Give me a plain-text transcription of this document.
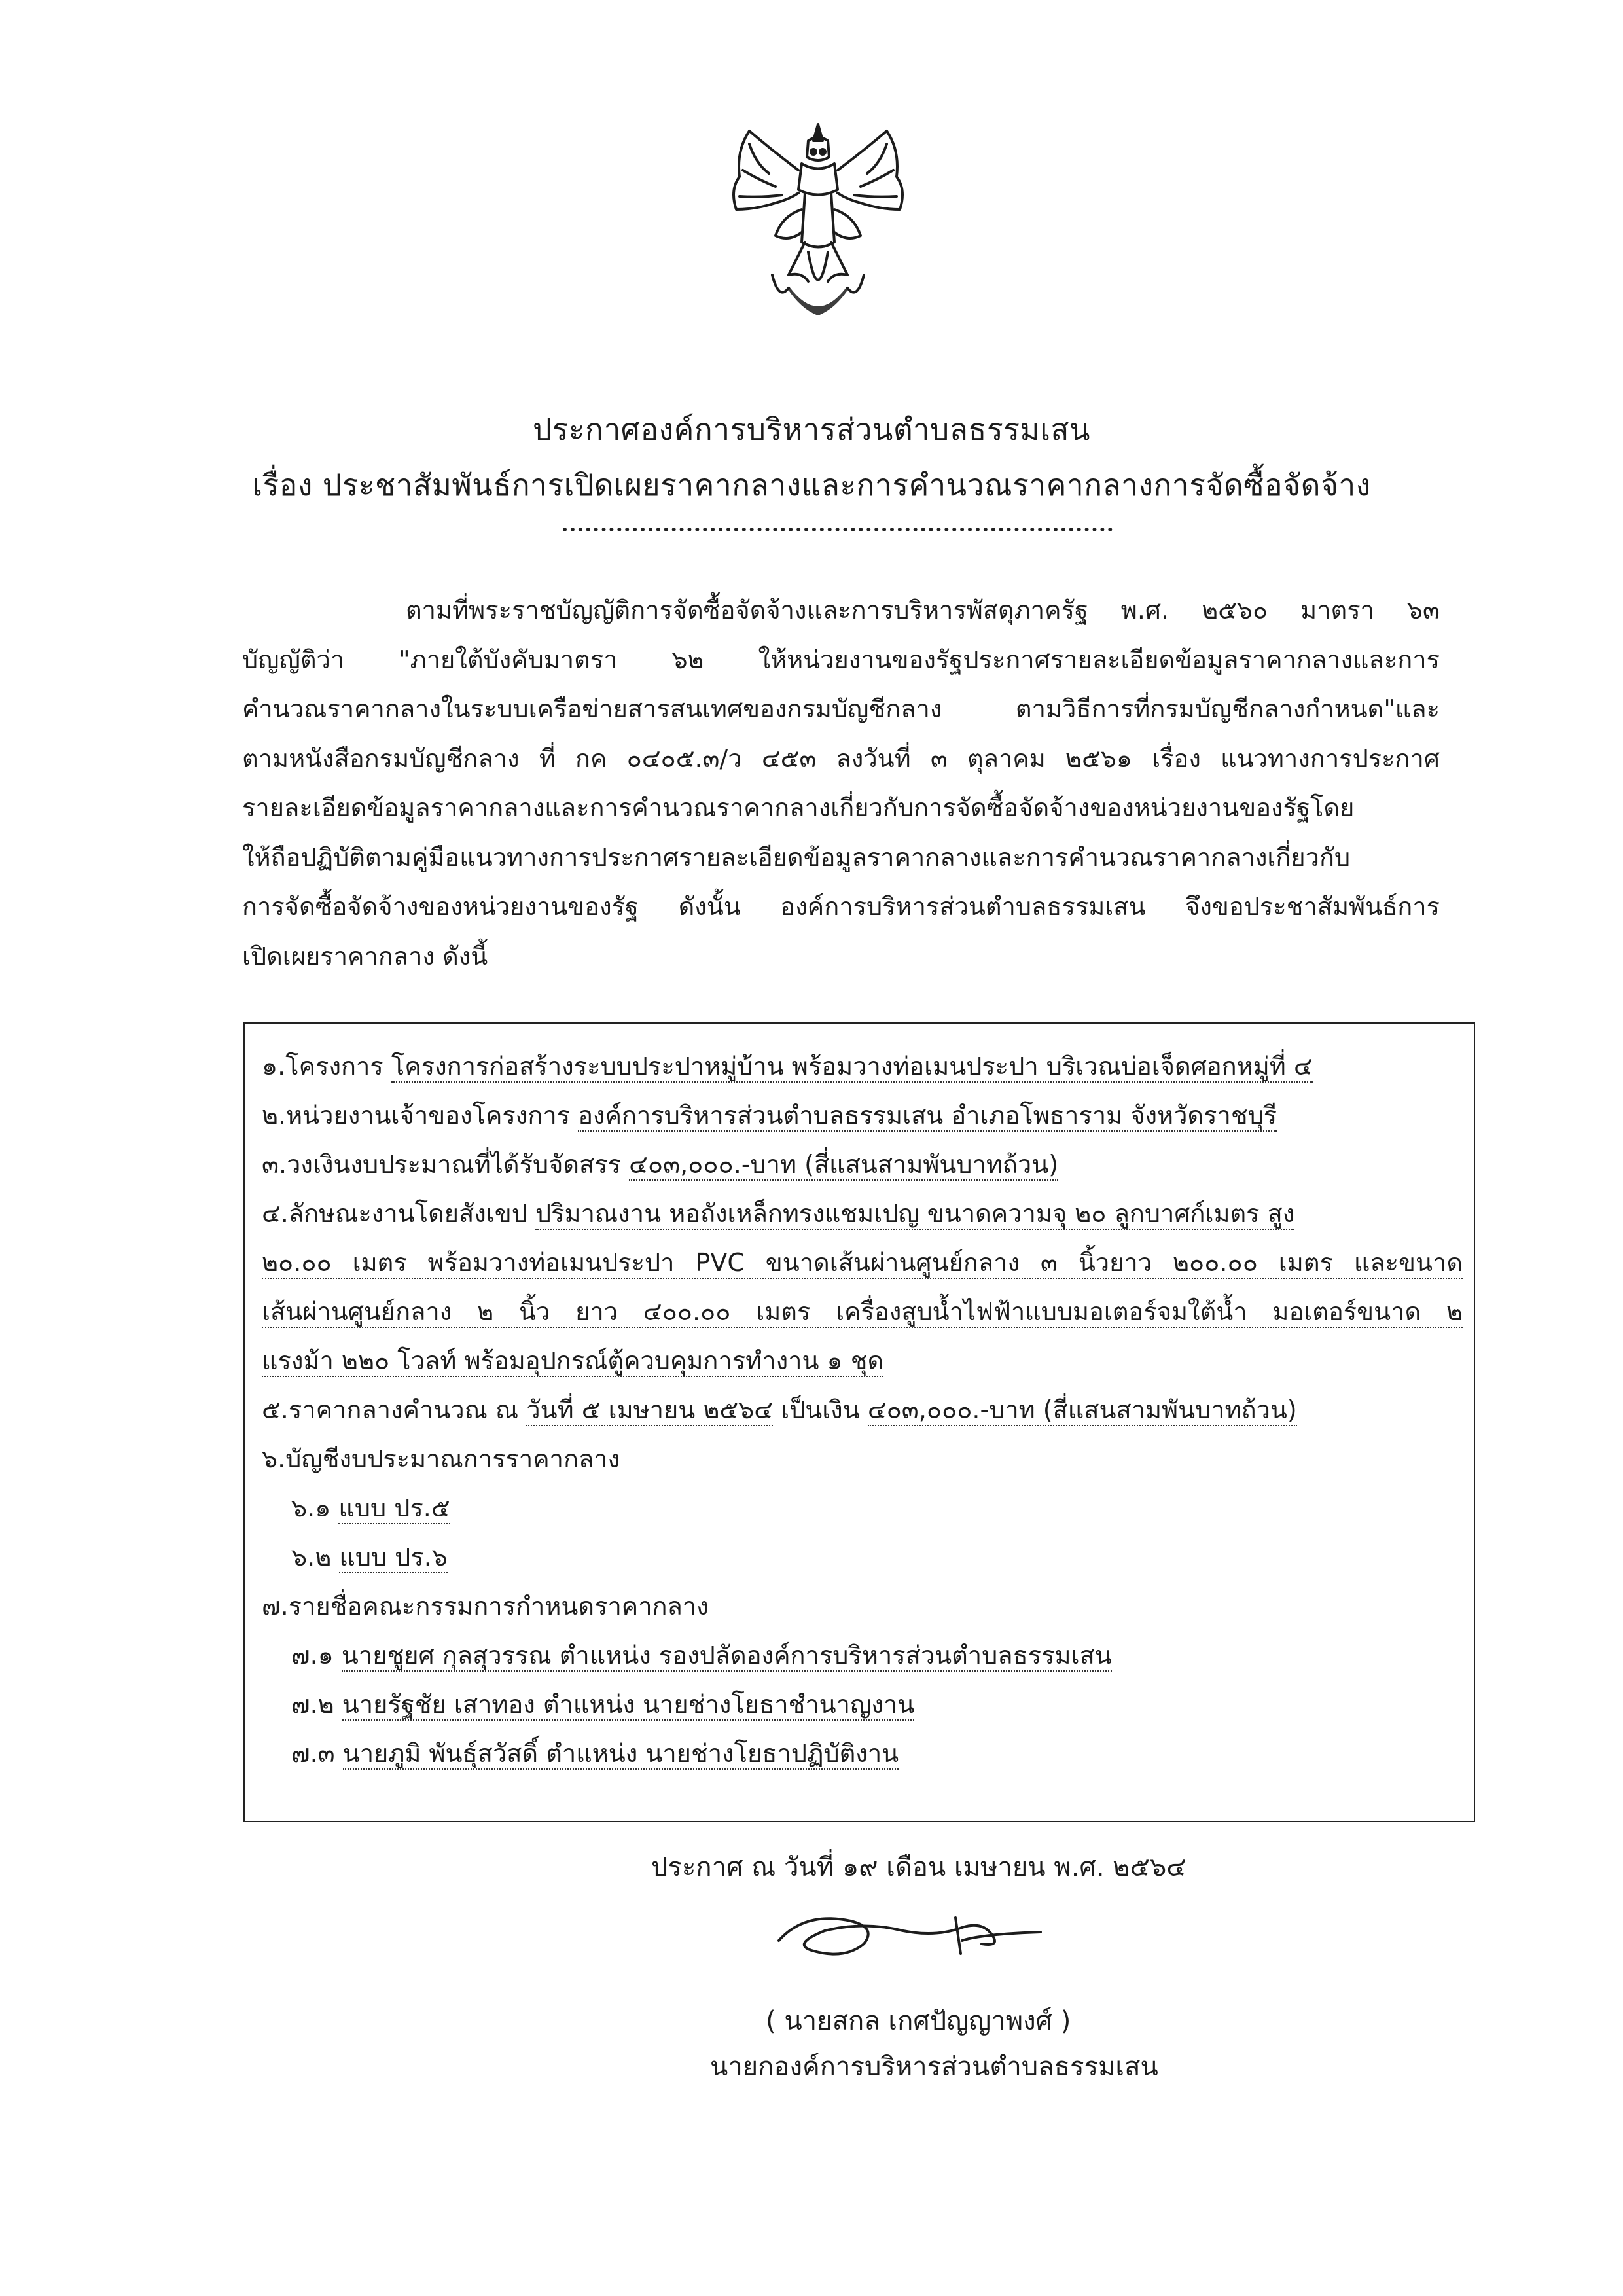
ประกาศองค์การบริหารส่วนตำบลธรรมเสน
เรื่อง ประชาสัมพันธ์การเปิดเผยราคากลางและการคำนวณราคากลางการจัดซื้อจัดจ้าง
ตามที่พระราชบัญญัติการจัดซื้อจัดจ้างและการบริหารพัสดุภาครัฐ พ.ศ. ๒๕๖๐ มาตรา ๖๓
บัญญัติว่า "ภายใต้บังคับมาตรา ๖๒ ให้หน่วยงานของรัฐประกาศรายละเอียดข้อมูลราคากลางและการ
คำนวณราคากลางในระบบเครือข่ายสารสนเทศของกรมบัญชีกลาง ตามวิธีการที่กรมบัญชีกลางกำหนด"และ
ตามหนังสือกรมบัญชีกลาง ที่ กค ๐๔๐๕.๓/ว ๔๕๓ ลงวันที่ ๓ ตุลาคม ๒๕๖๑ เรื่อง แนวทางการประกาศ
รายละเอียดข้อมูลราคากลางและการคำนวณราคากลางเกี่ยวกับการจัดซื้อจัดจ้างของหน่วยงานของรัฐโดย
ให้ถือปฏิบัติตามคู่มือแนวทางการประกาศรายละเอียดข้อมูลราคากลางและการคำนวณราคากลางเกี่ยวกับ
การจัดซื้อจัดจ้างของหน่วยงานของรัฐ ดังนั้น องค์การบริหารส่วนตำบลธรรมเสน จึงขอประชาสัมพันธ์การ
เปิดเผยราคากลาง ดังนี้
๑.โครงการ โครงการก่อสร้างระบบประปาหมู่บ้าน พร้อมวางท่อเมนประปา บริเวณบ่อเจ็ดศอกหมู่ที่ ๔
๒.หน่วยงานเจ้าของโครงการ องค์การบริหารส่วนตำบลธรรมเสน อำเภอโพธาราม จังหวัดราชบุรี
๓.วงเงินงบประมาณที่ได้รับจัดสรร ๔๐๓,๐๐๐.-บาท (สี่แสนสามพันบาทถ้วน)
๔.ลักษณะงานโดยสังเขป ปริมาณงาน หอถังเหล็กทรงแชมเปญ ขนาดความจุ ๒๐ ลูกบาศก์เมตร สูง
๒๐.๐๐ เมตร พร้อมวางท่อเมนประปา PVC ขนาดเส้นผ่านศูนย์กลาง ๓ นิ้วยาว ๒๐๐.๐๐ เมตร และขนาด
เส้นผ่านศูนย์กลาง ๒ นิ้ว ยาว ๔๐๐.๐๐ เมตร เครื่องสูบน้ำไฟฟ้าแบบมอเตอร์จมใต้น้ำ มอเตอร์ขนาด ๒
แรงม้า ๒๒๐ โวลท์ พร้อมอุปกรณ์ตู้ควบคุมการทำงาน ๑ ชุด
๕.ราคากลางคำนวณ ณ วันที่ ๕ เมษายน ๒๕๖๔ เป็นเงิน ๔๐๓,๐๐๐.-บาท (สี่แสนสามพันบาทถ้วน)
๖.บัญชีงบประมาณการราคากลาง
๖.๑ แบบ ปร.๕
๖.๒ แบบ ปร.๖
๗.รายชื่อคณะกรรมการกำหนดราคากลาง
๗.๑ นายชูยศ กุลสุวรรณ ตำแหน่ง รองปลัดองค์การบริหารส่วนตำบลธรรมเสน
๗.๒ นายรัฐชัย เสาทอง ตำแหน่ง นายช่างโยธาชำนาญงาน
๗.๓ นายภูมิ พันธุ์สวัสดิ์ ตำแหน่ง นายช่างโยธาปฏิบัติงาน
ประกาศ ณ วันที่ ๑๙ เดือน เมษายน พ.ศ. ๒๕๖๔
( นายสกล เกศปัญญาพงศ์ )
นายกองค์การบริหารส่วนตำบลธรรมเสน
